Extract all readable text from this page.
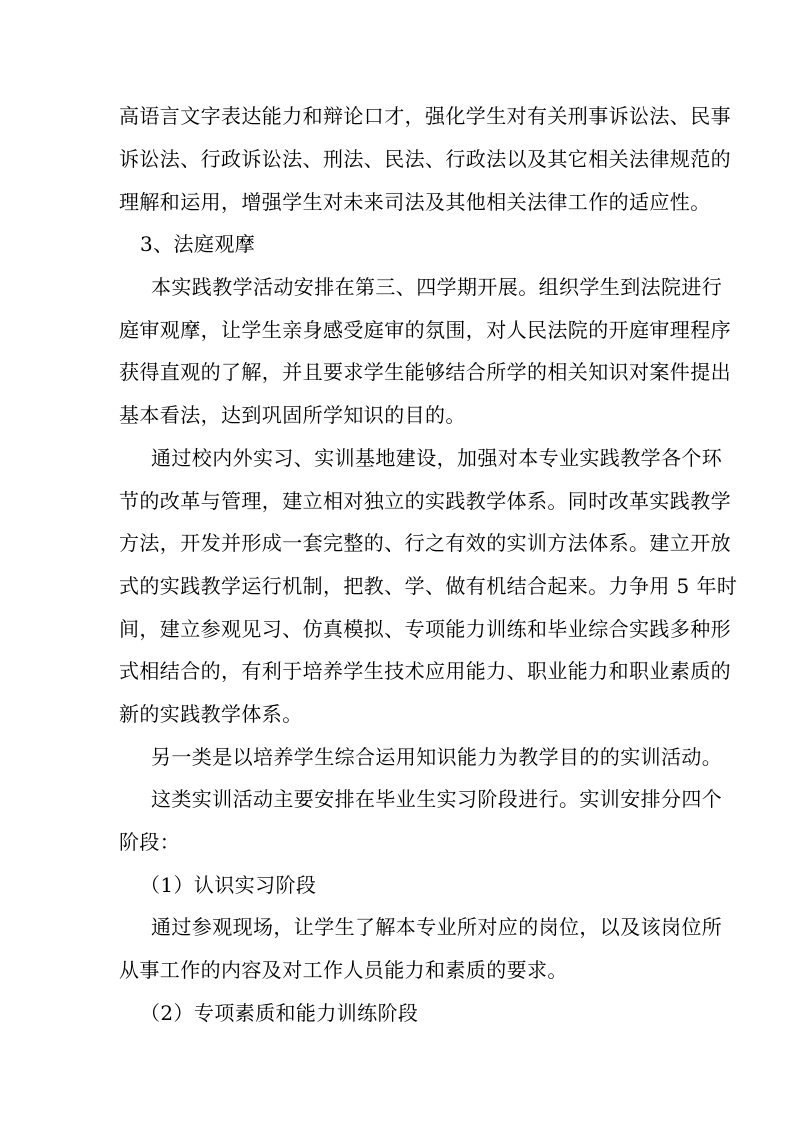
高语言文字表达能力和辩论口才，强化学生对有关刑事诉讼法、民事
诉讼法、行政诉讼法、刑法、民法、行政法以及其它相关法律规范的
理解和运用，增强学生对未来司法及其他相关法律工作的适应性。
3、法庭观摩
本实践教学活动安排在第三、四学期开展。组织学生到法院进行
庭审观摩，让学生亲身感受庭审的氛围，对人民法院的开庭审理程序
获得直观的了解，并且要求学生能够结合所学的相关知识对案件提出
基本看法，达到巩固所学知识的目的。
通过校内外实习、实训基地建设，加强对本专业实践教学各个环
节的改革与管理，建立相对独立的实践教学体系。同时改革实践教学
方法，开发并形成一套完整的、行之有效的实训方法体系。建立开放
式的实践教学运行机制，把教、学、做有机结合起来。力争用 5 年时
间，建立参观见习、仿真模拟、专项能力训练和毕业综合实践多种形
式相结合的，有利于培养学生技术应用能力、职业能力和职业素质的
新的实践教学体系。
另一类是以培养学生综合运用知识能力为教学目的的实训活动。
这类实训活动主要安排在毕业生实习阶段进行。实训安排分四个
阶段：
（1）认识实习阶段
通过参观现场，让学生了解本专业所对应的岗位，以及该岗位所
从事工作的内容及对工作人员能力和素质的要求。
（2）专项素质和能力训练阶段
